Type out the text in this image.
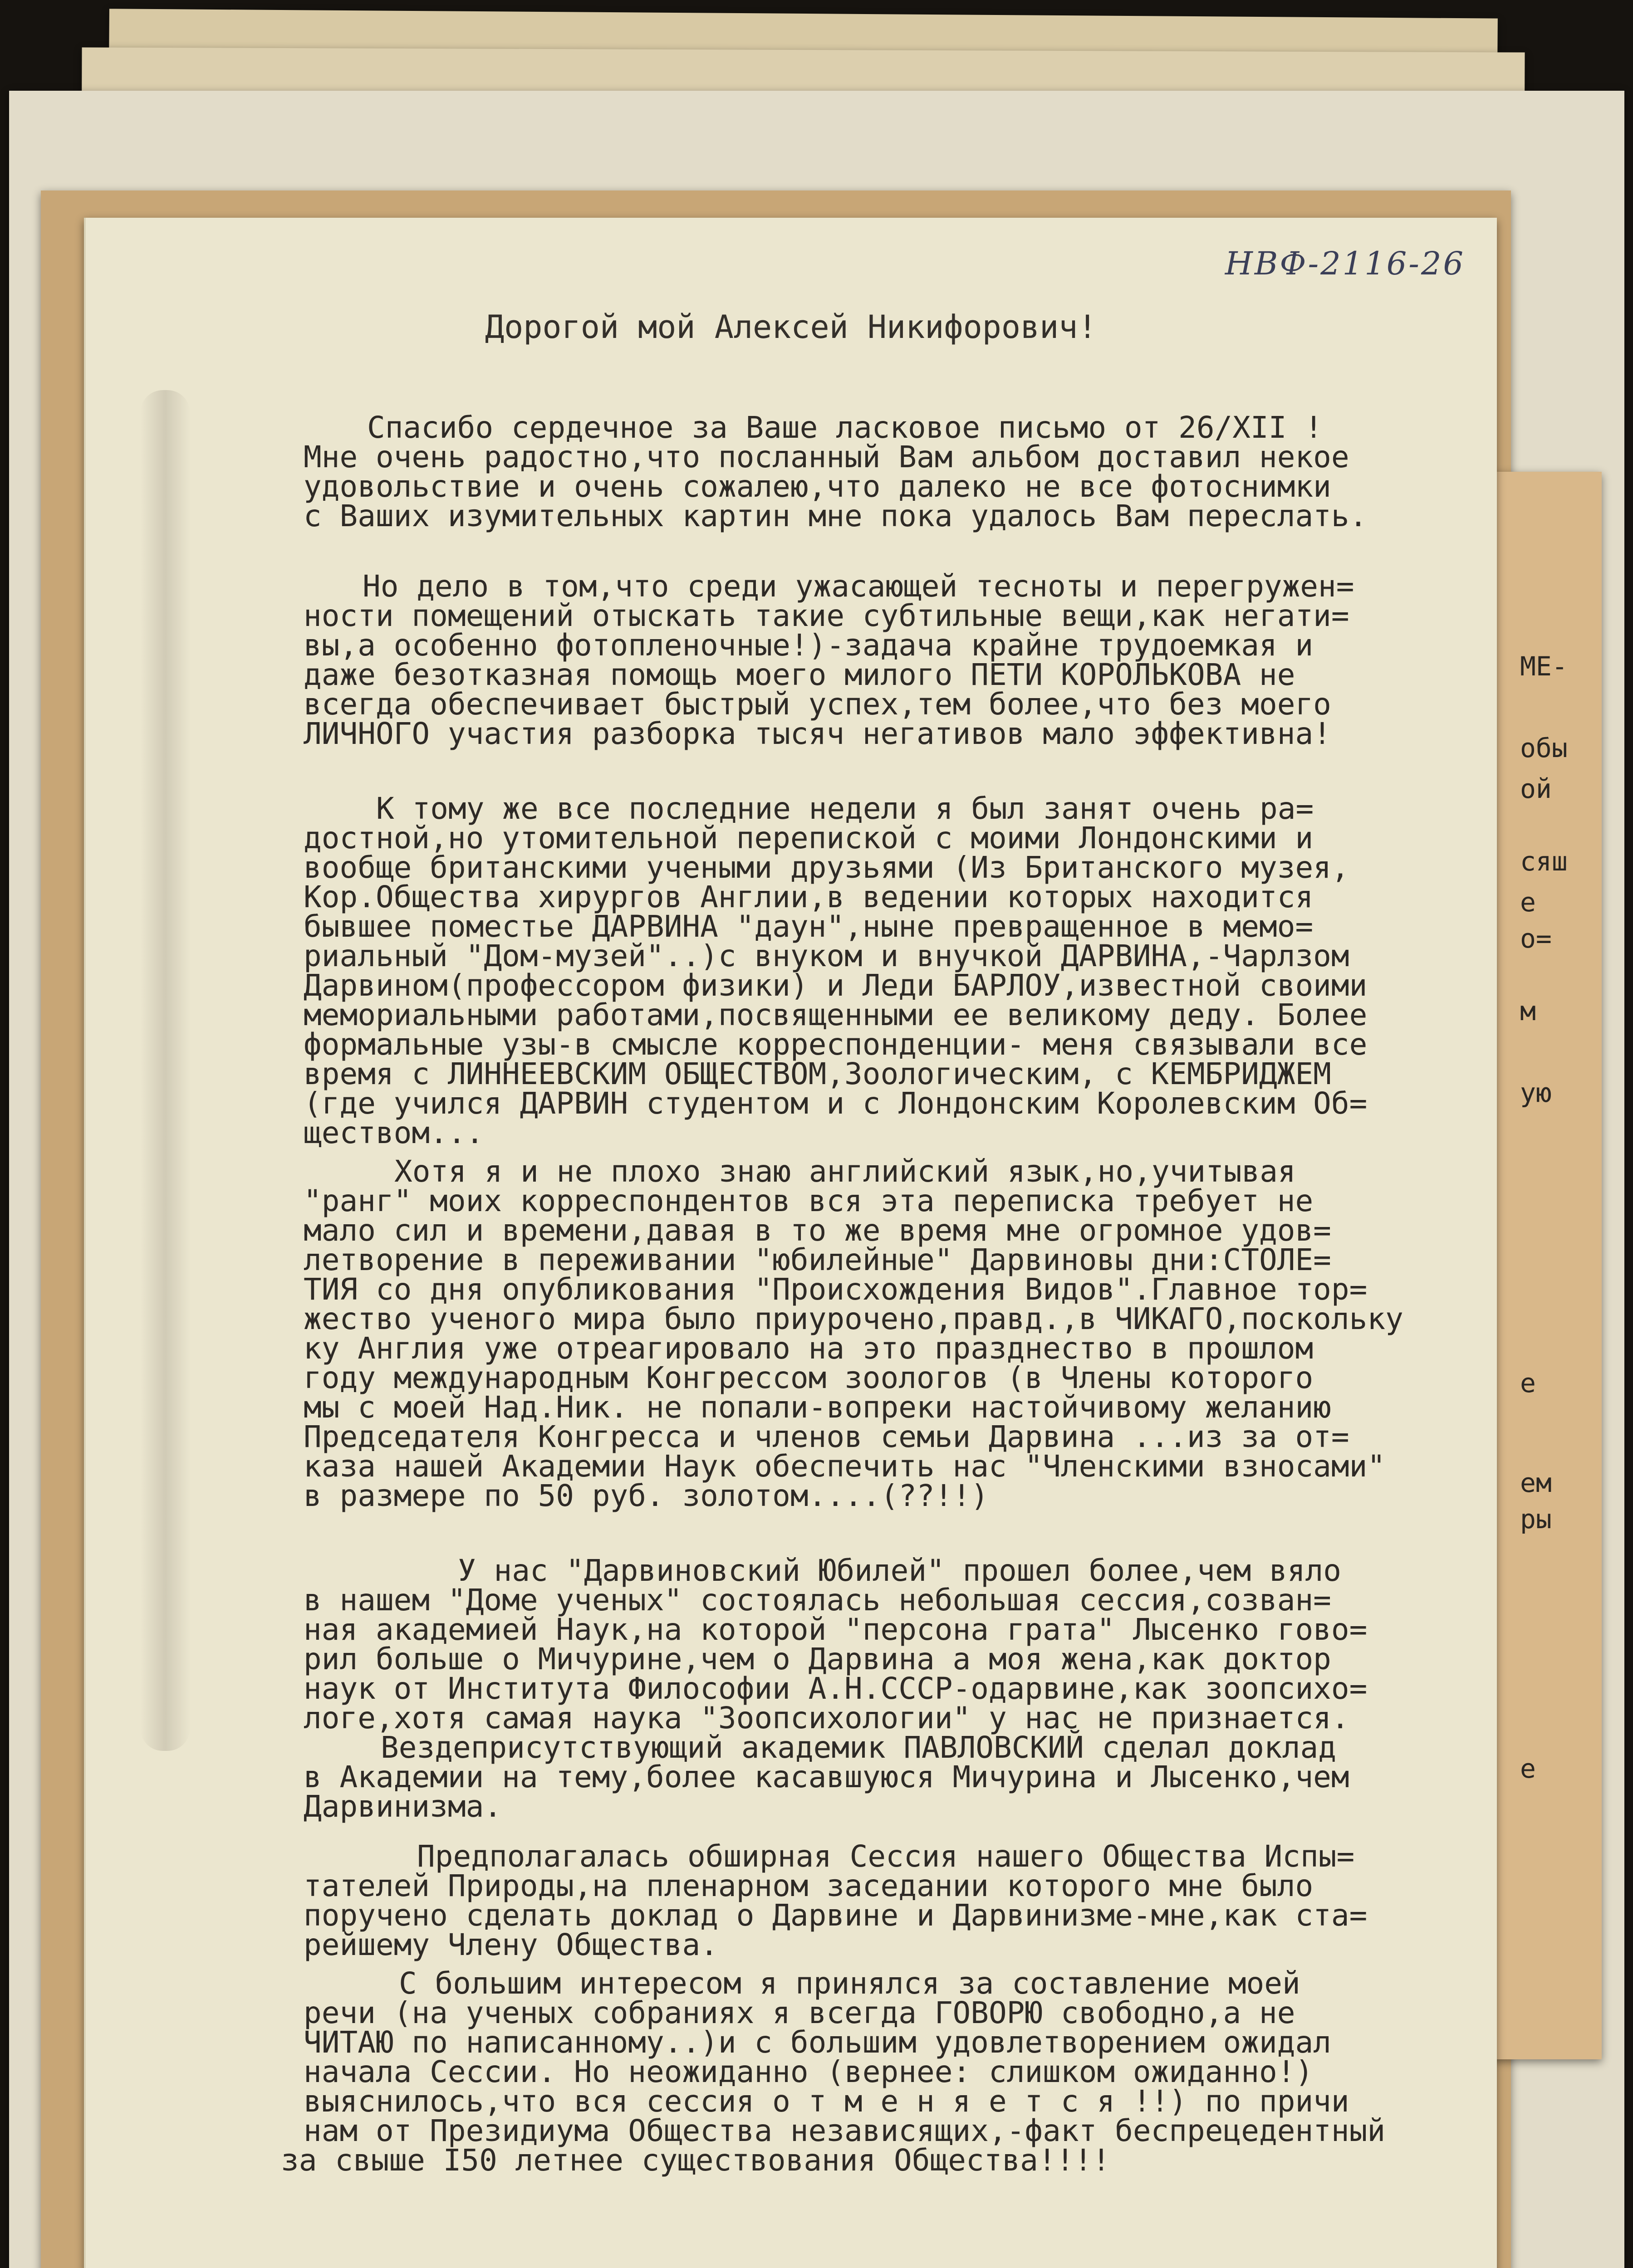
МЕ-
обы
ой
сяш
е
о=
м
ую
е
ем
ры
е
НВФ-2116-26
Дорогой мой Алексей Никифорович!
Спасибо сердечное за Ваше ласковое письмо от 26/XII !
Мне очень радостно,что посланный Вам альбом доставил некое
удовольствие и очень сожалею,что далеко не все фотоснимки
с Ваших изумительных картин мне пока удалось Вам переслать.
Но дело в том,что среди ужасающей тесноты и перегружен=
ности помещений отыскать такие субтильные вещи,как негати=
вы,а особенно фотопленочные!)-задача крайне трудоемкая и
даже безотказная помощь моего милого ПЕТИ КОРОЛЬКОВА не
всегда обеспечивает быстрый успех,тем более,что без моего
ЛИЧНОГО участия разборка тысяч негативов мало эффективна!
К тому же все последние недели я был занят очень ра=
достной,но утомительной перепиской с моими Лондонскими и
вообще британскими учеными друзьями (Из Британского музея,
Кор.Общества хирургов Англии,в ведении которых находится
бывшее поместье ДАРВИНА "даун",ныне превращенное в мемо=
риальный "Дом-музей"..)с внуком и внучкой ДАРВИНА,-Чарлзом
Дарвином(профессором физики) и Леди БАРЛОУ,известной своими
мемориальными работами,посвященными ее великому деду. Более
формальные узы-в смысле корреспонденции- меня связывали все
время с ЛИННЕЕВСКИМ ОБЩЕСТВОМ,Зоологическим, с КЕМБРИДЖЕМ
(где учился ДАРВИН студентом и с Лондонским Королевским Об=
ществом...
Хотя я и не плохо знаю английский язык,но,учитывая
"ранг" моих корреспондентов вся эта переписка требует не
мало сил и времени,давая в то же время мне огромное удов=
летворение в переживании "юбилейные" Дарвиновы дни:СТОЛЕ=
ТИЯ со дня опубликования "Происхождения Видов".Главное тор=
жество ученого мира было приурочено,правд.,в ЧИКАГО,поскольку
ку Англия уже отреагировало на это празднество в прошлом
году международным Конгрессом зоологов (в Члены которого
мы с моей Над.Ник. не попали-вопреки настойчивому желанию
Председателя Конгресса и членов семьи Дарвина ...из за от=
каза нашей Академии Наук обеспечить нас "Членскими взносами"
в размере по 50 руб. золотом....(??!!)
У нас "Дарвиновский Юбилей" прошел более,чем вяло
в нашем "Доме ученых" состоялась небольшая сессия,созван=
ная академией Наук,на которой "персона грата" Лысенко гово=
рил больше о Мичурине,чем о Дарвина а моя жена,как доктор
наук от Института Философии А.Н.СССР-одарвине,как зоопсихо=
логе,хотя самая наука "Зоопсихологии" у нас не признается.
Вездеприсутствующий академик ПАВЛОВСКИЙ сделал доклад
в Академии на тему,более касавшуюся Мичурина и Лысенко,чем
Дарвинизма.
Предполагалась обширная Сессия нашего Общества Испы=
тателей Природы,на пленарном заседании которого мне было
поручено сделать доклад о Дарвине и Дарвинизме-мне,как ста=
рейшему Члену Общества.
С большим интересом я принялся за составление моей
речи (на ученых собраниях я всегда ГОВОРЮ свободно,а не
ЧИТАЮ по написанному..)и с большим удовлетворением ожидал
начала Сессии. Но неожиданно (вернее: слишком ожиданно!)
выяснилось,что вся сессия о т м е н я е т с я !!) по причи
нам от Президиума Общества независящих,-факт беспрецедентный
за свыше I50 летнее существования Общества!!!!
